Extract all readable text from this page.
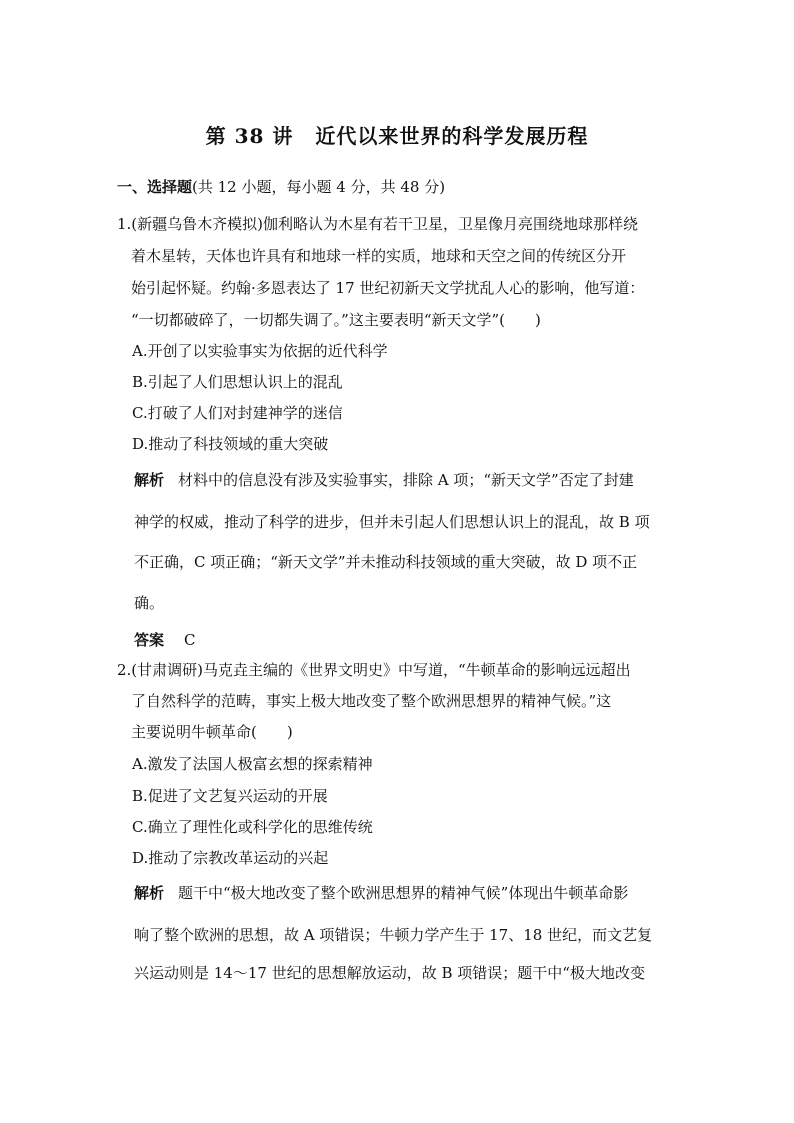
第 38 讲 近代以来世界的科学发展历程
一、选择题(共 12 小题，每小题 4 分，共 48 分)
1.(新疆乌鲁木齐模拟)伽利略认为木星有若干卫星，卫星像月亮围绕地球那样绕
着木星转，天体也许具有和地球一样的实质，地球和天空之间的传统区分开
始引起怀疑。约翰·多恩表达了 17 世纪初新天文学扰乱人心的影响，他写道：
“一切都破碎了，一切都失调了。”这主要表明“新天文学”(　　)
A.开创了以实验事实为依据的近代科学
B.引起了人们思想认识上的混乱
C.打破了人们对封建神学的迷信
D.推动了科技领域的重大突破
解析 材料中的信息没有涉及实验事实，排除 A 项；“新天文学”否定了封建
神学的权威，推动了科学的进步，但并未引起人们思想认识上的混乱，故 B 项
不正确，C 项正确；“新天文学”并未推动科技领域的重大突破，故 D 项不正
确。
答案 C
2.(甘肃调研)马克垚主编的《世界文明史》中写道，“牛顿革命的影响远远超出
了自然科学的范畴，事实上极大地改变了整个欧洲思想界的精神气候。”这
主要说明牛顿革命(　　)
A.激发了法国人极富玄想的探索精神
B.促进了文艺复兴运动的开展
C.确立了理性化或科学化的思维传统
D.推动了宗教改革运动的兴起
解析 题干中“极大地改变了整个欧洲思想界的精神气候”体现出牛顿革命影
响了整个欧洲的思想，故 A 项错误；牛顿力学产生于 17、18 世纪，而文艺复
兴运动则是 14～17 世纪的思想解放运动，故 B 项错误；题干中“极大地改变
